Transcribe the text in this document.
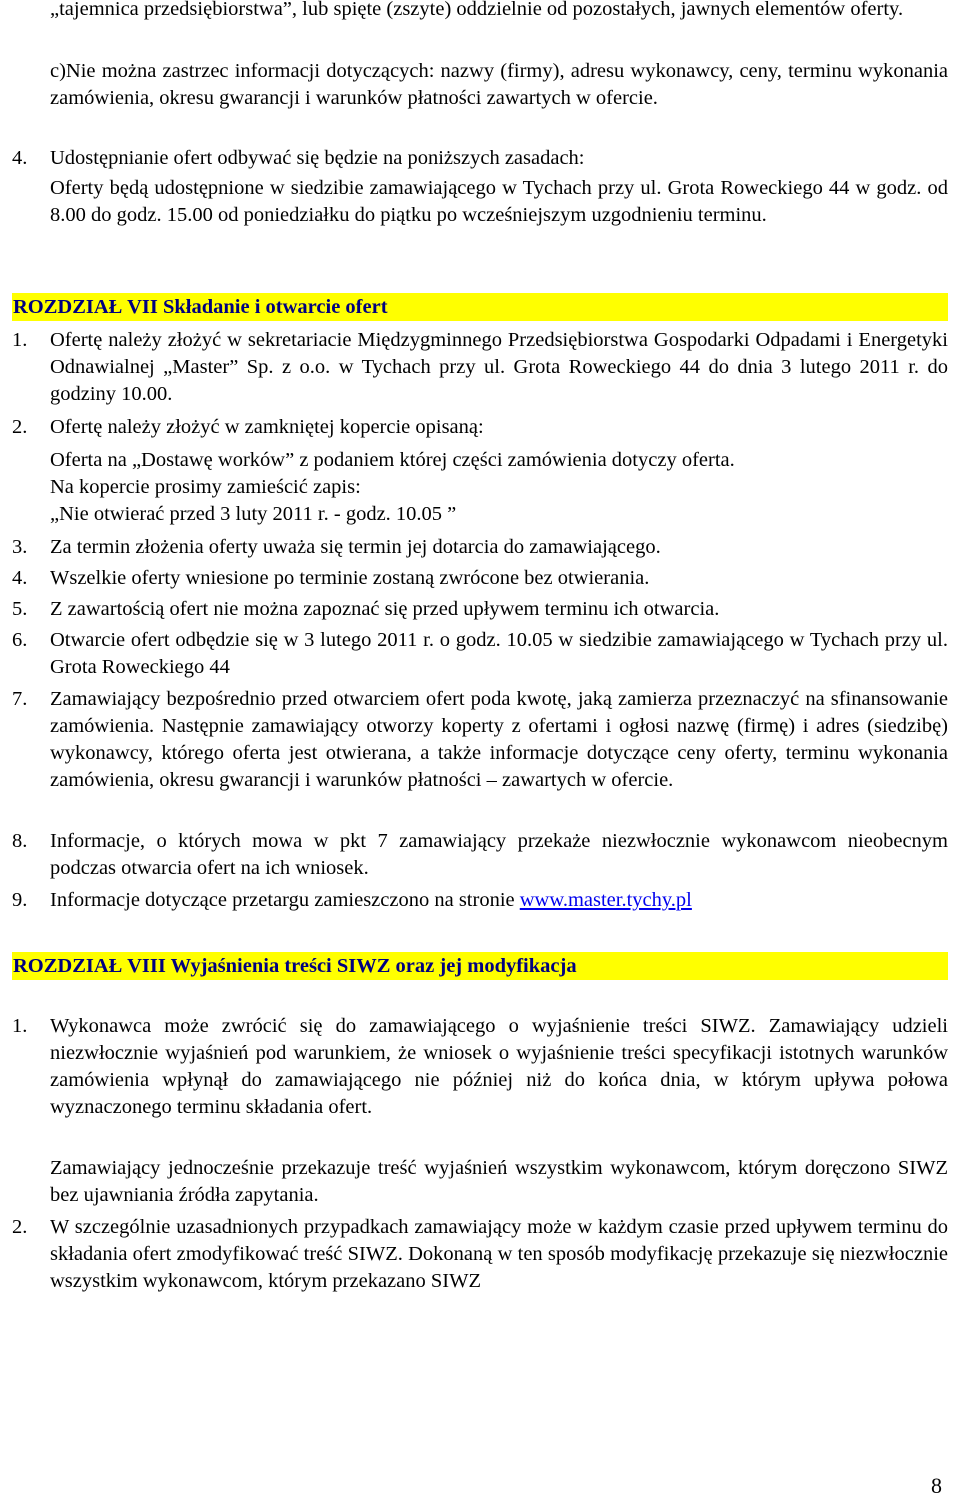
„tajemnica przedsiębiorstwa”, lub spięte (zszyte) oddzielnie od pozostałych, jawnych elementów oferty.
c)Nie można zastrzec informacji dotyczących: nazwy (firmy), adresu wykonawcy, ceny, terminu wykonania zamówienia, okresu gwarancji i warunków płatności zawartych w ofercie.
4.	Udostępnianie ofert odbywać się będzie na poniższych zasadach:
Oferty będą udostępnione w siedzibie zamawiającego w Tychach przy ul. Grota Roweckiego 44 w godz. od 8.00 do godz. 15.00 od poniedziałku do piątku po wcześniejszym uzgodnieniu terminu.
ROZDZIAŁ VII Składanie i otwarcie ofert
1.	Ofertę należy złożyć w sekretariacie Międzygminnego Przedsiębiorstwa Gospodarki Odpadami i Energetyki Odnawialnej „Master” Sp. z o.o. w Tychach przy ul. Grota Roweckiego 44 do dnia 3 lutego 2011 r. do godziny 10.00.
2.	Ofertę należy złożyć w zamkniętej kopercie opisaną:
Oferta na „Dostawę worków” z podaniem której części zamówienia dotyczy oferta.
Na kopercie prosimy zamieścić zapis:
„Nie otwierać przed 3 luty 2011 r. - godz. 10.05 ”
3.	Za termin złożenia oferty uważa się termin jej dotarcia do zamawiającego.
4.	Wszelkie oferty wniesione po terminie zostaną zwrócone bez otwierania.
5.	Z zawartością ofert nie można zapoznać się przed upływem terminu ich otwarcia.
6.	Otwarcie ofert odbędzie się w 3 lutego 2011 r. o godz. 10.05 w siedzibie zamawiającego w Tychach przy ul. Grota Roweckiego 44
7.	Zamawiający bezpośrednio przed otwarciem ofert poda kwotę, jaką zamierza przeznaczyć na sfinansowanie zamówienia. Następnie zamawiający otworzy koperty z ofertami i ogłosi nazwę (firmę) i adres (siedzibę) wykonawcy, którego oferta jest otwierana, a także informacje dotyczące ceny oferty, terminu wykonania zamówienia, okresu gwarancji i warunków płatności – zawartych w ofercie.
8.	Informacje, o których mowa w pkt 7 zamawiający przekaże niezwłocznie wykonawcom nieobecnym podczas otwarcia ofert na ich wniosek.
9.	Informacje dotyczące przetargu zamieszczono na stronie www.master.tychy.pl
ROZDZIAŁ VIII Wyjaśnienia treści SIWZ oraz jej modyfikacja
1.	Wykonawca może zwrócić się do zamawiającego o wyjaśnienie treści SIWZ. Zamawiający udzieli niezwłocznie wyjaśnień pod warunkiem, że wniosek o wyjaśnienie treści specyfikacji istotnych warunków zamówienia wpłynął do zamawiającego nie później niż do końca dnia, w którym upływa połowa wyznaczonego terminu składania ofert.
Zamawiający jednocześnie przekazuje treść wyjaśnień wszystkim wykonawcom, którym doręczono SIWZ bez ujawniania źródła zapytania.
2.	W szczególnie uzasadnionych przypadkach zamawiający może w każdym czasie przed upływem terminu do składania ofert zmodyfikować treść SIWZ. Dokonaną w ten sposób modyfikację przekazuje się niezwłocznie wszystkim wykonawcom, którym przekazano SIWZ
8
